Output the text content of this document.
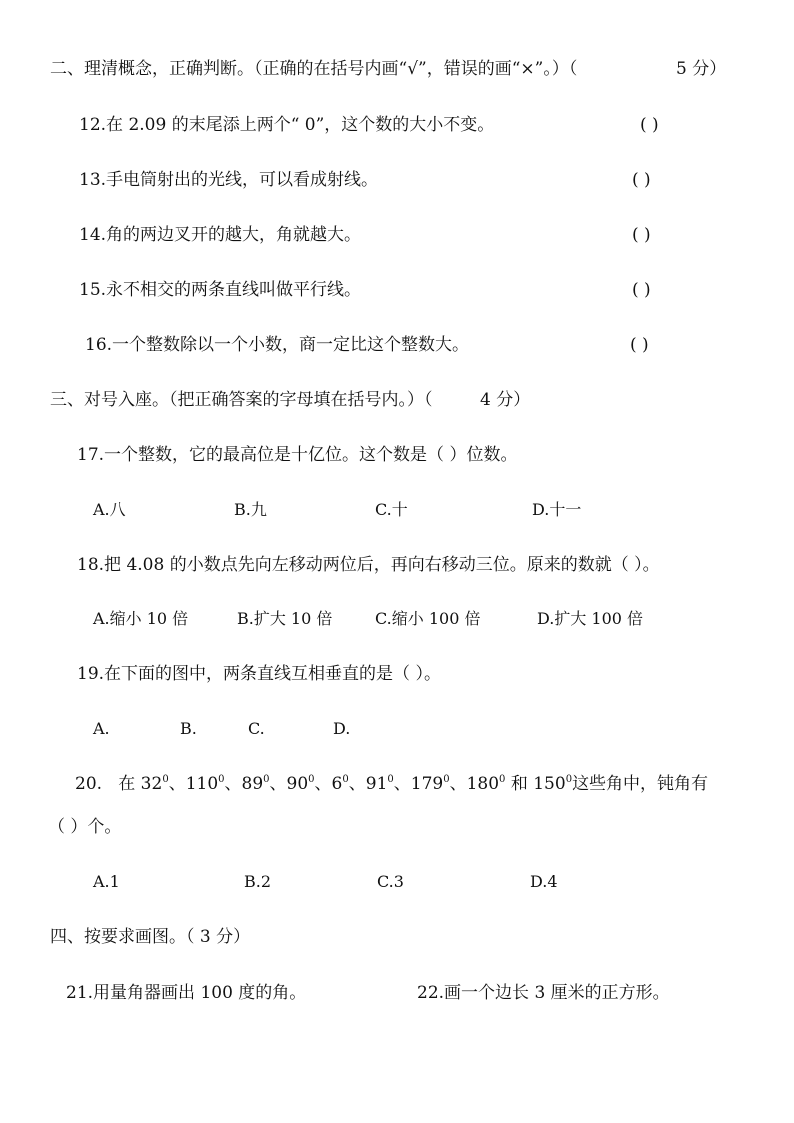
二、理清概念，正确判断。（正确的在括号内画“√”，错误的画“×”。）（	5 分）
12.在 2.09 的末尾添上两个“ 0”，这个数的大小不变。	( )
13.手电筒射出的光线，可以看成射线。	( )
14.角的两边叉开的越大，角就越大。	( )
15.永不相交的两条直线叫做平行线。	( )
16.一个整数除以一个小数，商一定比这个整数大。	( )
三、对号入座。（把正确答案的字母填在括号内。）（	4 分）
17.一个整数，它的最高位是十亿位。这个数是（ ）位数。
A.八	B.九	C.十	D.十一
18.把 4.08 的小数点先向左移动两位后，再向右移动三位。原来的数就（ ）。
A.缩小 10 倍	B.扩大 10 倍	C.缩小 100 倍	D.扩大 100 倍
19.在下面的图中，两条直线互相垂直的是（ ）。
A.	B.	C.	D.
20. 在 $32^0$、$110^0$、$89^0$、$90^0$、$6^0$、$91^0$、$179^0$、$180^0$ 和 $150^0$这些角中，钝角有
（ ）个。
A.1	B.2	C.3	D.4
四、按要求画图。（ 3 分）
21.用量角器画出 100 度的角。	22.画一个边长 3 厘米的正方形。
